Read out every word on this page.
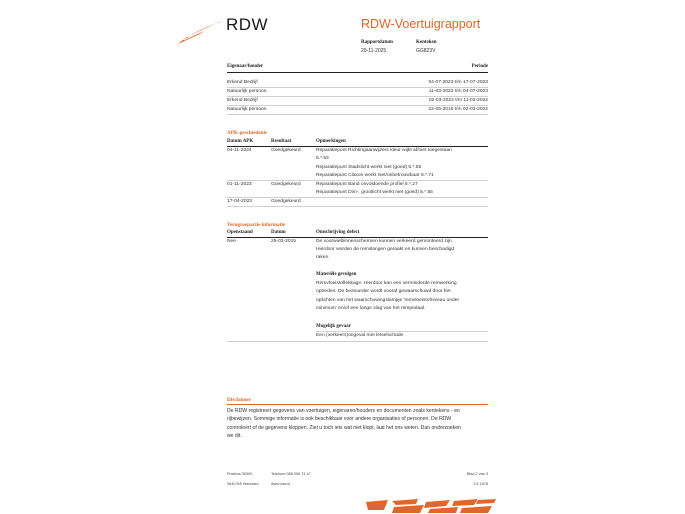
RDW	RDW-Voertuigrapport
Rapportdatum
20-11-2025
Kenteken
GG823V
Eigenaar/houder	Periode
Erkend Bedrijf	04-07-2023 t/m 17-07-2023
Natuurlijk persoon	11-03-2022 t/m 04-07-2023
Erkend Bedrijf	02-03-2022 t/m 11-03-2022
Natuurlijk persoon	22-05-2015 t/m 02-03-2022
APK-geschiedenis
Datum APK	Resultaat	Opmerkingen
04-11-2024	Goedgekeurd	Reparatiepunt Richtingaanwijzers kleur wijkt af/niet toegestaan
5.*.53
Reparatiepunt Stadslicht werkt niet (goed) 5.*.55
Reparatiepunt Claxon werkt niet/onbetrouwbaar 5.*.71
01-11-2023	Goedgekeurd	Reparatiepunt Band onvoldoende profiel 5.*.27
Reparatiepunt Dim-, grootlicht werkt niet (goed) 5.*.55
17-04-2023	Goedgekeurd
Terugroepactie informatie
Openstaand	Datum	Omschrijving defect
Nee	25-03-2015	De voorwielbinnenschermen kunnen verkeerd gemonteerd zijn.
Hierdoor worden de remslangen geraakt en kunnen beschadigd
raken.
Materiële gevolgen
Remvloeistoflekkage. Hierdoor kan een verminderde remwerking
optreden. De bestuurder wordt vooraf gewaarschuwd door het
oplichten van het waarschuwingslampje 'remvloeistofniveau onder
minimum' en/of een lange slag van het rempedaal.
Mogelijk gevaar
Een (verkeers)ongeval met letselschade
Disclaimer
De RDW registreert gegevens van voertuigen, eigenaren/houders en documenten zoals kentekens - en
rijbewijzen. Sommige informatie is ook beschikbaar voor andere organisaties of personen. De RDW
controleert of de gegevens kloppen. Ziet u toch iets wat niet klopt, laat het ons weten. Dan onderzoeken
we dit.
Postbus 30000
9640 RA Veendam
Telefoon 088 008 74 47
www.rdw.nl
Blad 2 van 3
2.6 1878
